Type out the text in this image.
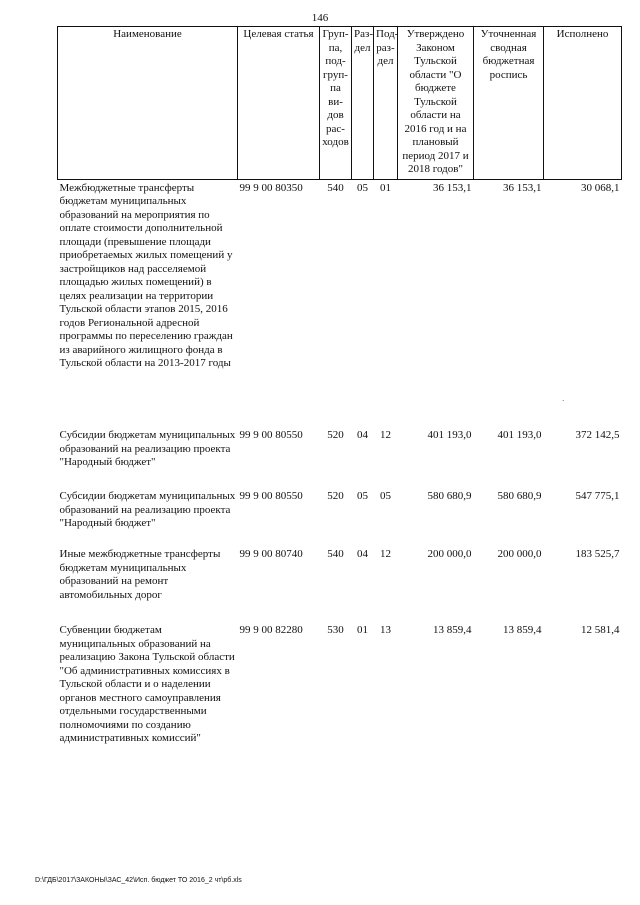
146
Наименование	Целевая статья	Груп-па, под-груп-па ви-дов рас-ходов	Раз-дел	Под-раз-дел	Утверждено Законом Тульской области "О бюджете Тульской области на 2016 год и на плановый период 2017 и 2018 годов"	Уточненная сводная бюджетная роспись	Исполнено
Межбюджетные трансферты бюджетам муниципальных образований на мероприятия по оплате стоимости дополнительной площади (превышение площади приобретаемых жилых помещений у застройщиков над расселяемой площадью жилых помещений) в целях реализации на территории Тульской области этапов 2015, 2016 годов Региональной адресной программы по переселению граждан из аварийного жилищного фонда в Тульской области на 2013-2017 годы	99 9 00 80350	540	05	01	36 153,1	36 153,1	30 068,1
Субсидии бюджетам муниципальных образований на реализацию проекта "Народный бюджет"	99 9 00 80550	520	04	12	401 193,0	401 193,0	372 142,5
Субсидии бюджетам муниципальных образований на реализацию проекта "Народный бюджет"	99 9 00 80550	520	05	05	580 680,9	580 680,9	547 775,1
Иные межбюджетные трансферты бюджетам муниципальных образований на ремонт автомобильных дорог	99 9 00 80740	540	04	12	200 000,0	200 000,0	183 525,7
Субвенции бюджетам муниципальных образований на реализацию Закона Тульской области "Об административных комиссиях в Тульской области и о наделении органов местного самоуправления отдельными государственными полномочиями по созданию административных комиссий"	99 9 00 82280	530	01	13	13 859,4	13 859,4	12 581,4
·
D:\ГДБ\2017\ЗАКОНЫ\ЗАС_42\Исп. бюджет ТО 2016_2 чт\рб.xls
